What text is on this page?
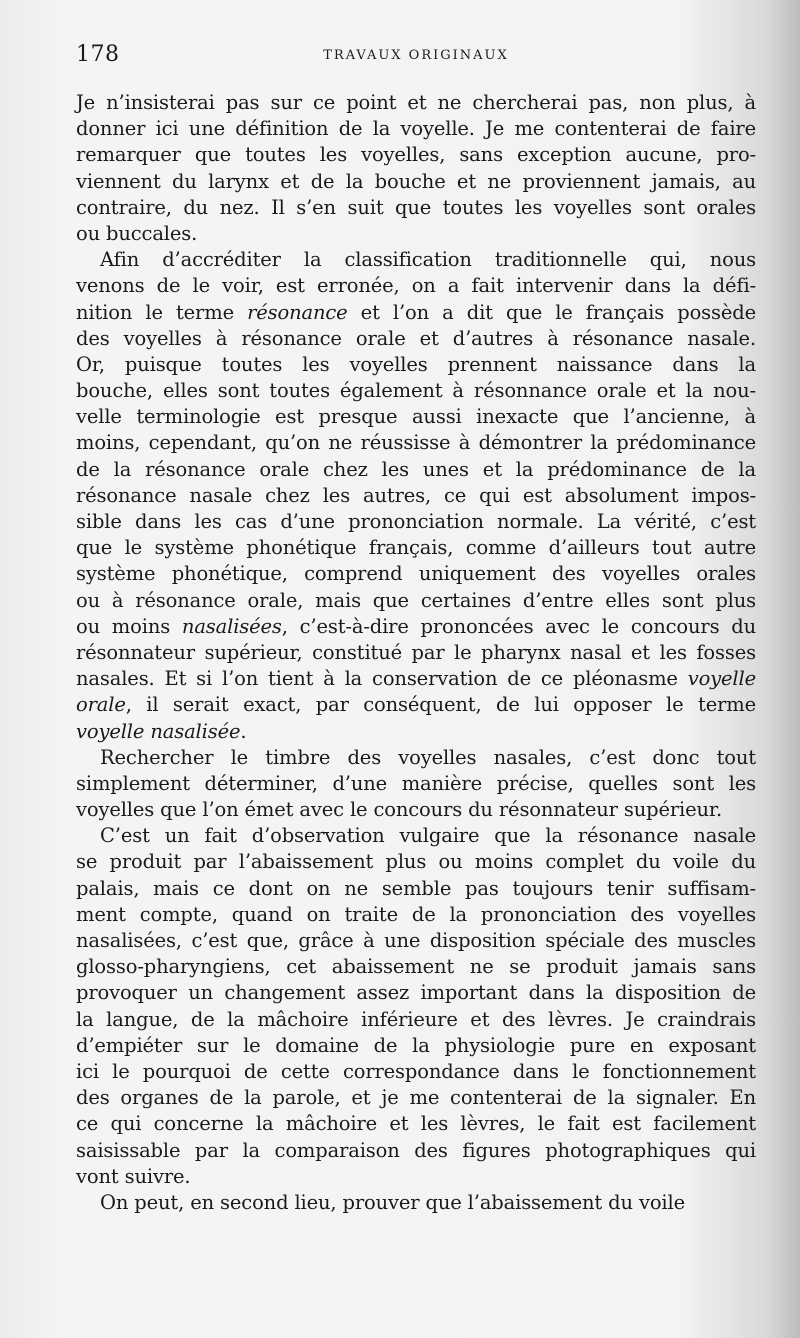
178	TRAVAUX ORIGINAUX
Je n’insisterai pas sur ce point et ne chercherai pas, non plus, à
donner ici une définition de la voyelle. Je me contenterai de faire
remarquer que toutes les voyelles, sans exception aucune, pro-
viennent du larynx et de la bouche et ne proviennent jamais, au
contraire, du nez. Il s’en suit que toutes les voyelles sont orales
ou buccales.
Afin d’accréditer la classification traditionnelle qui, nous
venons de le voir, est erronée, on a fait intervenir dans la défi-
nition le terme résonance et l’on a dit que le français possède
des voyelles à résonance orale et d’autres à résonance nasale.
Or, puisque toutes les voyelles prennent naissance dans la
bouche, elles sont toutes également à résonnance orale et la nou-
velle terminologie est presque aussi inexacte que l’ancienne, à
moins, cependant, qu’on ne réussisse à démontrer la prédominance
de la résonance orale chez les unes et la prédominance de la
résonance nasale chez les autres, ce qui est absolument impos-
sible dans les cas d’une prononciation normale. La vérité, c’est
que le système phonétique français, comme d’ailleurs tout autre
système phonétique, comprend uniquement des voyelles orales
ou à résonance orale, mais que certaines d’entre elles sont plus
ou moins nasalisées, c’est-à-dire prononcées avec le concours du
résonnateur supérieur, constitué par le pharynx nasal et les fosses
nasales. Et si l’on tient à la conservation de ce pléonasme voyelle
orale, il serait exact, par conséquent, de lui opposer le terme
voyelle nasalisée.
Rechercher le timbre des voyelles nasales, c’est donc tout
simplement déterminer, d’une manière précise, quelles sont les
voyelles que l’on émet avec le concours du résonnateur supérieur.
C’est un fait d’observation vulgaire que la résonance nasale
se produit par l’abaissement plus ou moins complet du voile du
palais, mais ce dont on ne semble pas toujours tenir suffisam-
ment compte, quand on traite de la prononciation des voyelles
nasalisées, c’est que, grâce à une disposition spéciale des muscles
glosso-pharyngiens, cet abaissement ne se produit jamais sans
provoquer un changement assez important dans la disposition de
la langue, de la mâchoire inférieure et des lèvres. Je craindrais
d’empiéter sur le domaine de la physiologie pure en exposant
ici le pourquoi de cette correspondance dans le fonctionnement
des organes de la parole, et je me contenterai de la signaler. En
ce qui concerne la mâchoire et les lèvres, le fait est facilement
saisissable par la comparaison des figures photographiques qui
vont suivre.
On peut, en second lieu, prouver que l’abaissement du voile
